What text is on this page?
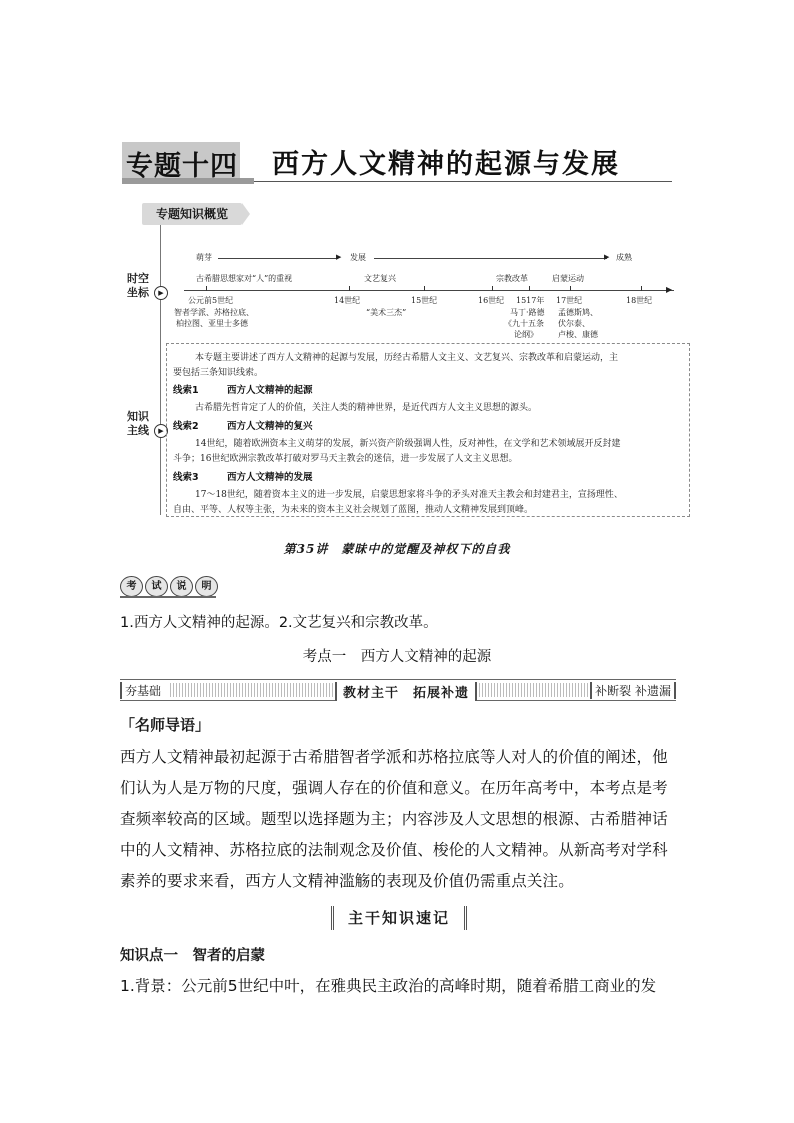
专题十四 西方人文精神的起源与发展
专题知识概览
时空
坐标	▶
知识
主线	▶
萌芽	▶ 发展	▶ 成熟
古希腊思想家对“人”的重视	文艺复兴	宗教改革	启蒙运动
▶
公元前5世纪	14世纪	15世纪	16世纪 1517年 17世纪	18世纪
智者学派、苏格拉底、
柏拉图、亚里士多德
“美术三杰”	马丁·路德
《九十五条
论纲》
孟德斯鸠、
伏尔泰、
卢梭、康德
本专题主要讲述了西方人文精神的起源与发展，历经古希腊人文主义、文艺复兴、宗教改革和启蒙运动，主
要包括三条知识线索。
线索1	西方人文精神的起源
古希腊先哲肯定了人的价值，关注人类的精神世界，是近代西方人文主义思想的源头。
线索2	西方人文精神的复兴
14世纪，随着欧洲资本主义萌芽的发展，新兴资产阶级强调人性，反对神性，在文学和艺术领域展开反封建
斗争；16世纪欧洲宗教改革打破对罗马天主教会的迷信，进一步发展了人文主义思想。
线索3	西方人文精神的发展
17～18世纪，随着资本主义的进一步发展，启蒙思想家将斗争的矛头对准天主教会和封建君主，宣扬理性、
自由、平等、人权等主张，为未来的资本主义社会规划了蓝图，推动人文精神发展到顶峰。
第35讲　蒙昧中的觉醒及神权下的自我
考	试	说	明
1.西方人文精神的起源。2.文艺复兴和宗教改革。
考点一　西方人文精神的起源
夯基础	教材主干　拓展补遗	补断裂 补遗漏
「名师导语」
西方人文精神最初起源于古希腊智者学派和苏格拉底等人对人的价值的阐述，他
们认为人是万物的尺度，强调人存在的价值和意义。在历年高考中，本考点是考
查频率较高的区域。题型以选择题为主；内容涉及人文思想的根源、古希腊神话
中的人文精神、苏格拉底的法制观念及价值、梭伦的人文精神。从新高考对学科
素养的要求来看，西方人文精神滥觞的表现及价值仍需重点关注。
主干知识速记
知识点一　智者的启蒙
1.背景：公元前5世纪中叶，在雅典民主政治的高峰时期，随着希腊工商业的发
